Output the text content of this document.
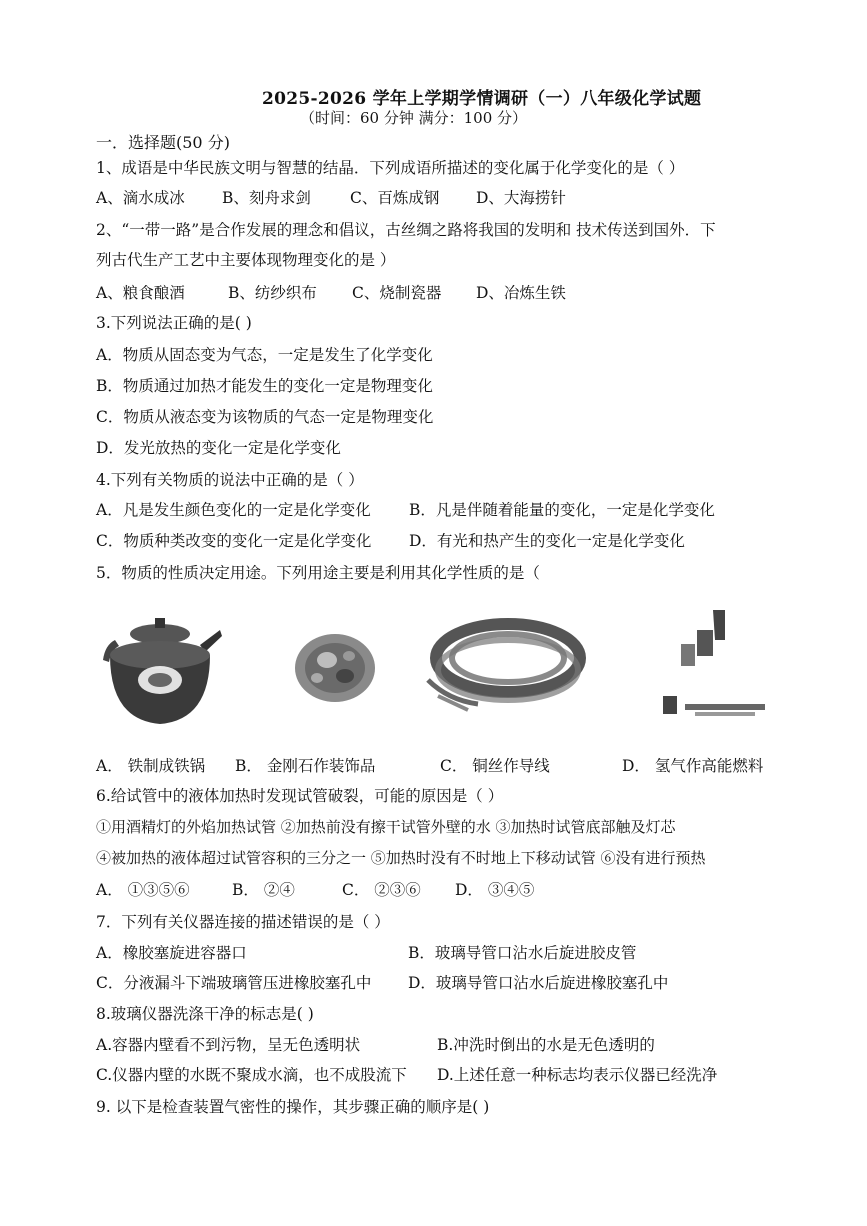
2025-2026 学年上学期学情调研（一）八年级化学试题
（时间：60 分钟 满分：100 分）
一．选择题(50 分)
1、成语是中华民族文明与智慧的结晶．下列成语所描述的变化属于化学变化的是（ ）
A、滴水成冰 B、刻舟求剑	C、百炼成钢 D、大海捞针
2、“一带一路”是合作发展的理念和倡议，古丝绸之路将我国的发明和 技术传送到国外．下
列古代生产工艺中主要体现物理变化的是 ）
A、粮食酿酒	B、纺纱织布 C、烧制瓷器 D、冶炼生铁
3.下列说法正确的是( )
A．物质从固态变为气态，一定是发生了化学变化
B．物质通过加热才能发生的变化一定是物理变化
C．物质从液态变为该物质的气态一定是物理变化
D．发光放热的变化一定是化学变化
4.下列有关物质的说法中正确的是（ ）
A．凡是发生颜色变化的一定是化学变化 B．凡是伴随着能量的变化，一定是化学变化
C．物质种类改变的变化一定是化学变化 D．有光和热产生的变化一定是化学变化
5．物质的性质决定用途。下列用途主要是利用其化学性质的是（
A． 铁制成铁锅 B． 金刚石作装饰品	C． 铜丝作导线	D． 氢气作高能燃料
6.给试管中的液体加热时发现试管破裂，可能的原因是（ ）
①用酒精灯的外焰加热试管 ②加热前没有擦干试管外壁的水 ③加热时试管底部触及灯芯
④被加热的液体超过试管容积的三分之一 ⑤加热时没有不时地上下移动试管 ⑥没有进行预热
A． ①③⑤⑥	B． ②④	C． ②③⑥ D． ③④⑤
7．下列有关仪器连接的描述错误的是（ ）
A．橡胶塞旋进容器口	B．玻璃导管口沾水后旋进胶皮管
C．分液漏斗下端玻璃管压进橡胶塞孔中 D．玻璃导管口沾水后旋进橡胶塞孔中
8.玻璃仪器洗涤干净的标志是( )
A.容器内壁看不到污物，呈无色透明状	B.冲洗时倒出的水是无色透明的
C.仪器内壁的水既不聚成水滴，也不成股流下 D.上述任意一种标志均表示仪器已经洗净
9. 以下是检查装置气密性的操作，其步骤正确的顺序是( )
